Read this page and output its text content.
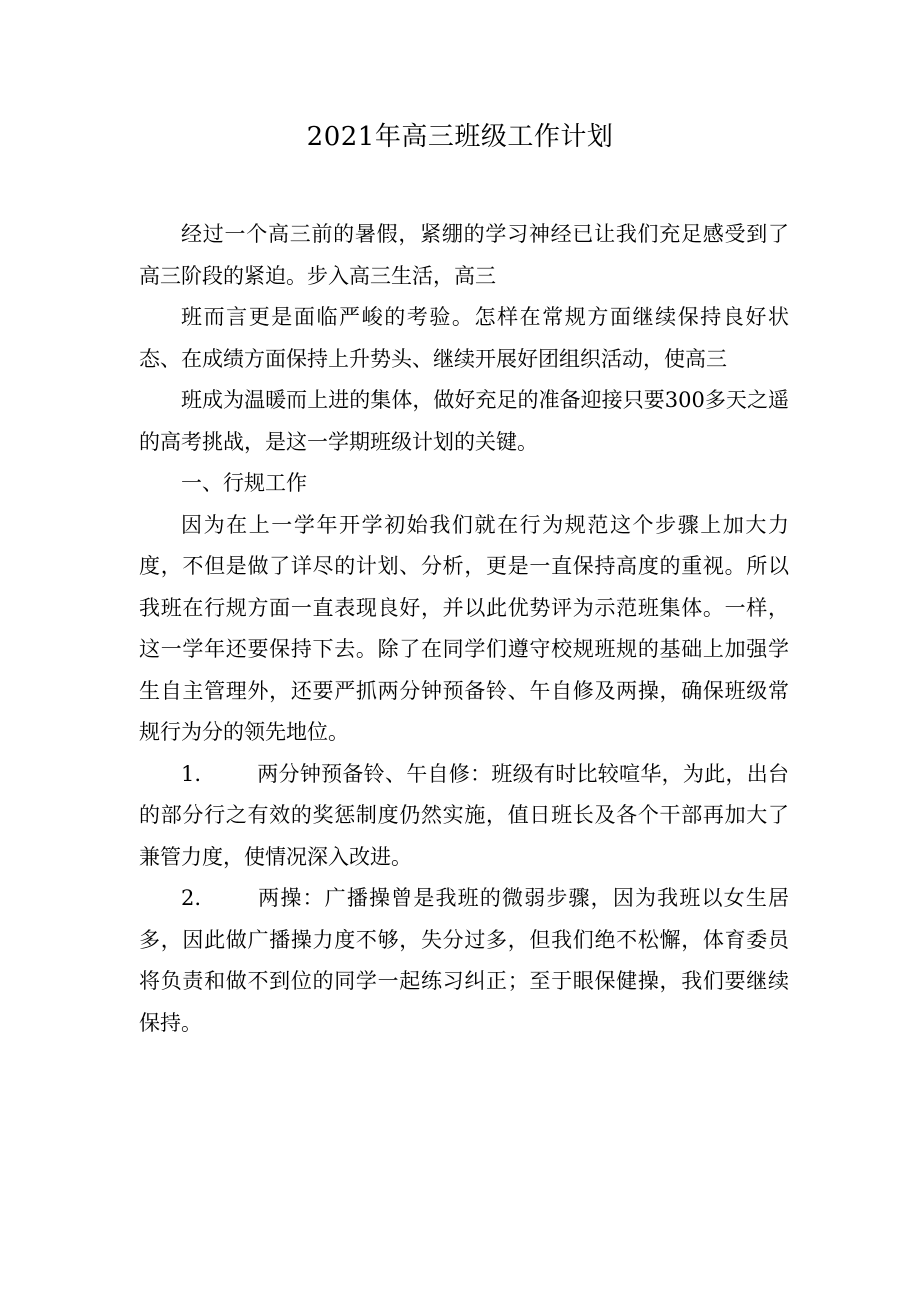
2021年高三班级工作计划

经过一个高三前的暑假，紧绷的学习神经已让我们充足感受到了高三阶段的紧迫。步入高三生活，高三

班而言更是面临严峻的考验。怎样在常规方面继续保持良好状态、在成绩方面保持上升势头、继续开展好团组织活动，使高三

班成为温暖而上进的集体，做好充足的准备迎接只要300多天之遥的高考挑战，是这一学期班级计划的关键。

一、行规工作

因为在上一学年开学初始我们就在行为规范这个步骤上加大力度，不但是做了详尽的计划、分析，更是一直保持高度的重视。所以我班在行规方面一直表现良好，并以此优势评为示范班集体。一样，这一学年还要保持下去。除了在同学们遵守校规班规的基础上加强学生自主管理外，还要严抓两分钟预备铃、午自修及两操，确保班级常规行为分的领先地位。

1.	两分钟预备铃、午自修：班级有时比较喧华，为此，出台的部分行之有效的奖惩制度仍然实施，值日班长及各个干部再加大了兼管力度，使情况深入改进。

2.	两操：广播操曾是我班的微弱步骤，因为我班以女生居多，因此做广播操力度不够，失分过多，但我们绝不松懈，体育委员将负责和做不到位的同学一起练习纠正；至于眼保健操，我们要继续保持。
